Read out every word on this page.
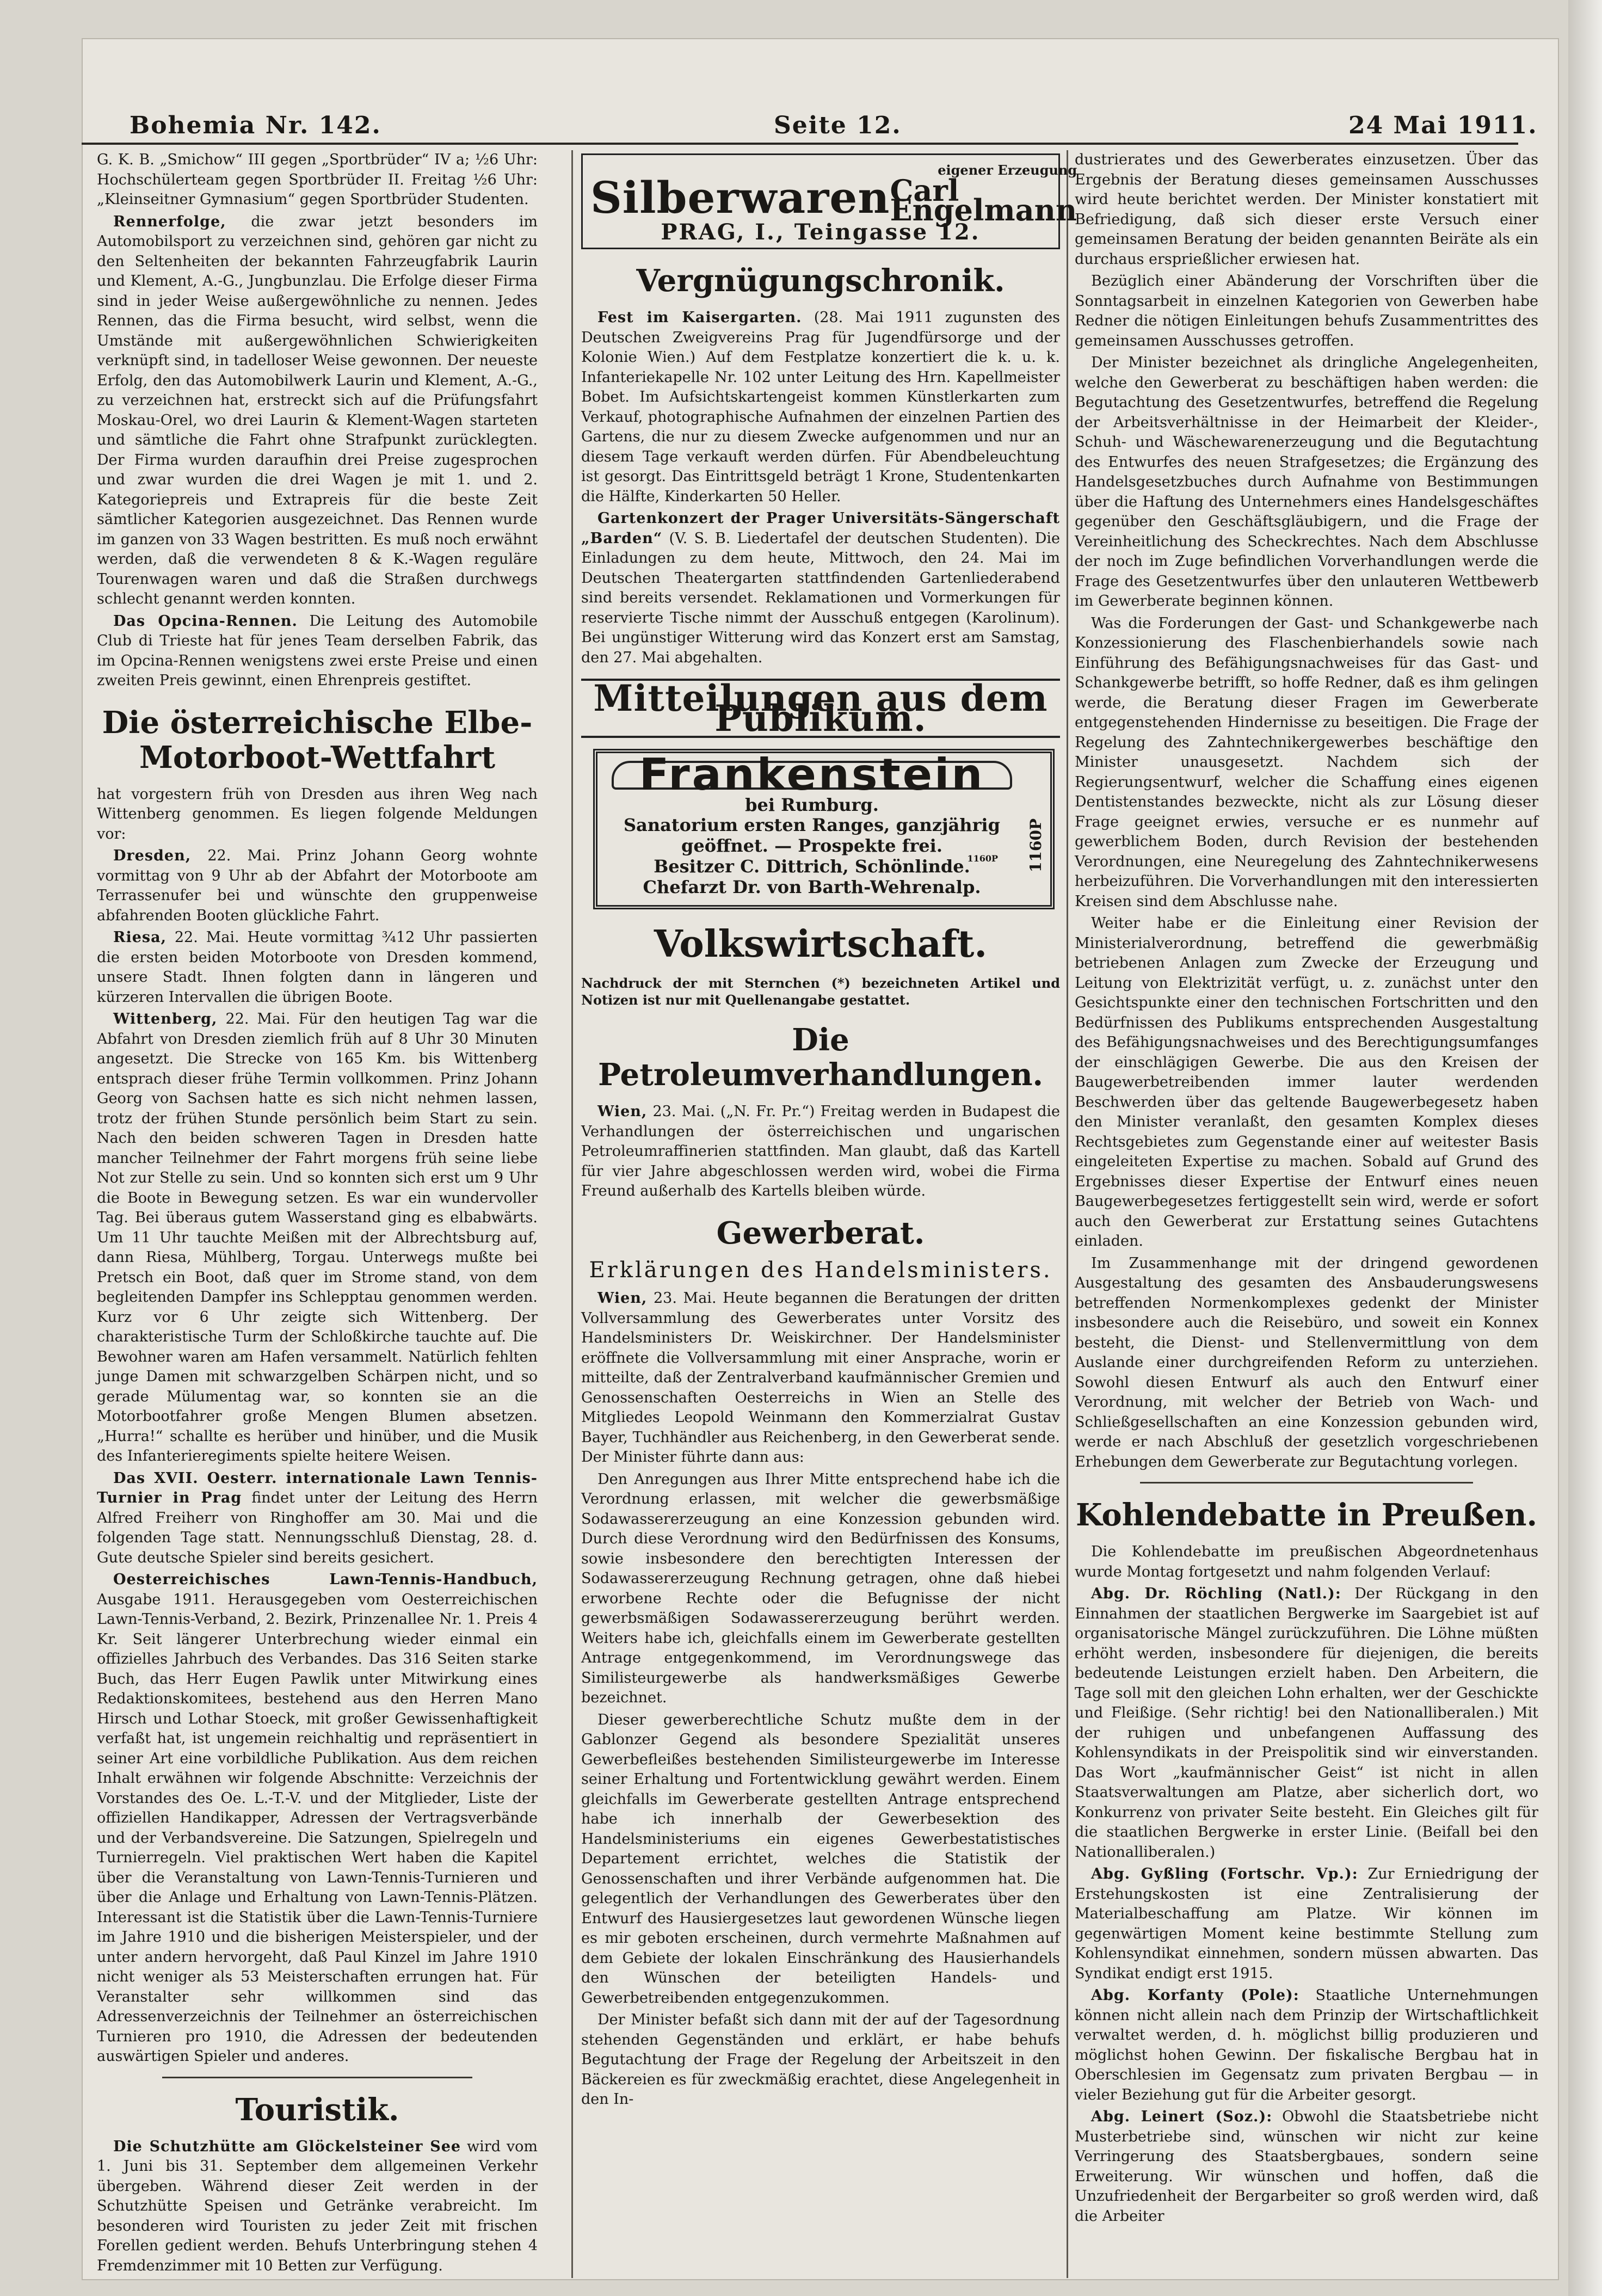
Bohemia Nr. 142.	Seite 12.	24 Mai 1911.

G. K. B. „Smichow“ III gegen „Sportbrüder“ IV a; ½6 Uhr: Hochschülerteam gegen Sportbrüder II. Freitag ½6 Uhr: „Kleinseitner Gymnasium“ gegen Sportbrüder Studenten.

Rennerfolge, die zwar jetzt besonders im Automobilsport zu verzeichnen sind, gehören gar nicht zu den Seltenheiten der bekannten Fahrzeugfabrik Laurin und Klement, A.-G., Jungbunzlau. Die Erfolge dieser Firma sind in jeder Weise außergewöhnliche zu nennen. Jedes Rennen, das die Firma besucht, wird selbst, wenn die Umstände mit außergewöhnlichen Schwierigkeiten verknüpft sind, in tadelloser Weise gewonnen. Der neueste Erfolg, den das Automobilwerk Laurin und Klement, A.-G., zu verzeichnen hat, erstreckt sich auf die Prüfungsfahrt Moskau-Orel, wo drei Laurin & Klement-Wagen starteten und sämtliche die Fahrt ohne Strafpunkt zurücklegten. Der Firma wurden daraufhin drei Preise zugesprochen und zwar wurden die drei Wagen je mit 1. und 2. Kategoriepreis und Extrapreis für die beste Zeit sämtlicher Kategorien ausgezeichnet. Das Rennen wurde im ganzen von 33 Wagen bestritten. Es muß noch erwähnt werden, daß die verwendeten 8 & K.-Wagen reguläre Tourenwagen waren und daß die Straßen durchwegs schlecht genannt werden konnten.

Das Opcina-Rennen. Die Leitung des Automobile Club di Trieste hat für jenes Team derselben Fabrik, das im Opcina-Rennen wenigstens zwei erste Preise und einen zweiten Preis gewinnt, einen Ehrenpreis gestiftet.

Die österreichische Elbe-Motorboot-Wettfahrt

hat vorgestern früh von Dresden aus ihren Weg nach Wittenberg genommen. Es liegen folgende Meldungen vor:

Dresden, 22. Mai. Prinz Johann Georg wohnte vormittag von 9 Uhr ab der Abfahrt der Motorboote am Terrassenufer bei und wünschte den gruppenweise abfahrenden Booten glückliche Fahrt.

Riesa, 22. Mai. Heute vormittag ¾12 Uhr passierten die ersten beiden Motorboote von Dresden kommend, unsere Stadt. Ihnen folgten dann in längeren und kürzeren Intervallen die übrigen Boote.

Wittenberg, 22. Mai. Für den heutigen Tag war die Abfahrt von Dresden ziemlich früh auf 8 Uhr 30 Minuten angesetzt. Die Strecke von 165 Km. bis Wittenberg entsprach dieser frühe Termin vollkommen. Prinz Johann Georg von Sachsen hatte es sich nicht nehmen lassen, trotz der frühen Stunde persönlich beim Start zu sein. Nach den beiden schweren Tagen in Dresden hatte mancher Teilnehmer der Fahrt morgens früh seine liebe Not zur Stelle zu sein. Und so konnten sich erst um 9 Uhr die Boote in Bewegung setzen. Es war ein wundervoller Tag. Bei überaus gutem Wasserstand ging es elbabwärts. Um 11 Uhr tauchte Meißen mit der Albrechtsburg auf, dann Riesa, Mühlberg, Torgau. Unterwegs mußte bei Pretsch ein Boot, daß quer im Strome stand, von dem begleitenden Dampfer ins Schlepptau genommen werden. Kurz vor 6 Uhr zeigte sich Wittenberg. Der charakteristische Turm der Schloßkirche tauchte auf. Die Bewohner waren am Hafen versammelt. Natürlich fehlten junge Damen mit schwarzgelben Schärpen nicht, und so gerade Mülumentag war, so konnten sie an die Motorbootfahrer große Mengen Blumen absetzen. „Hurra!“ schallte es herüber und hinüber, und die Musik des Infanterieregiments spielte heitere Weisen.

Das XVII. Oesterr. internationale Lawn Tennis-Turnier in Prag findet unter der Leitung des Herrn Alfred Freiherr von Ringhoffer am 30. Mai und die folgenden Tage statt. Nennungsschluß Dienstag, 28. d. Gute deutsche Spieler sind bereits gesichert.

Oesterreichisches Lawn-Tennis-Handbuch, Ausgabe 1911. Herausgegeben vom Oesterreichischen Lawn-Tennis-Verband, 2. Bezirk, Prinzenallee Nr. 1. Preis 4 Kr. Seit längerer Unterbrechung wieder einmal ein offizielles Jahrbuch des Verbandes. Das 316 Seiten starke Buch, das Herr Eugen Pawlik unter Mitwirkung eines Redaktionskomitees, bestehend aus den Herren Mano Hirsch und Lothar Stoeck, mit großer Gewissenhaftigkeit verfaßt hat, ist ungemein reichhaltig und repräsentiert in seiner Art eine vorbildliche Publikation. Aus dem reichen Inhalt erwähnen wir folgende Abschnitte: Verzeichnis der Vorstandes des Oe. L.-T.-V. und der Mitglieder, Liste der offiziellen Handikapper, Adressen der Vertragsverbände und der Verbandsvereine. Die Satzungen, Spielregeln und Turnierregeln. Viel praktischen Wert haben die Kapitel über die Veranstaltung von Lawn-Tennis-Turnieren und über die Anlage und Erhaltung von Lawn-Tennis-Plätzen. Interessant ist die Statistik über die Lawn-Tennis-Turniere im Jahre 1910 und die bisherigen Meisterspieler, und der unter andern hervorgeht, daß Paul Kinzel im Jahre 1910 nicht weniger als 53 Meisterschaften errungen hat. Für Veranstalter sehr willkommen sind das Adressenverzeichnis der Teilnehmer an österreichischen Turnieren pro 1910, die Adressen der bedeutenden auswärtigen Spieler und anderes.

Touristik.

Die Schutzhütte am Glöckelsteiner See wird vom 1. Juni bis 31. September dem allgemeinen Verkehr übergeben. Während dieser Zeit werden in der Schutzhütte Speisen und Getränke verabreicht. Im besonderen wird Touristen zu jeder Zeit mit frischen Forellen gedient werden. Behufs Unterbringung stehen 4 Fremdenzimmer mit 10 Betten zur Verfügung.

Silberwaren
eigener Erzeugung
Carl Engelmann
PRAG, I., Teingasse 12.
Vergnügungschronik.

Fest im Kaisergarten. (28. Mai 1911 zugunsten des Deutschen Zweigvereins Prag für Jugendfürsorge und der Kolonie Wien.) Auf dem Festplatze konzertiert die k. u. k. Infanteriekapelle Nr. 102 unter Leitung des Hrn. Kapellmeister Bobet. Im Aufsichtskartengeist kommen Künstlerkarten zum Verkauf, photographische Aufnahmen der einzelnen Partien des Gartens, die nur zu diesem Zwecke aufgenommen und nur an diesem Tage verkauft werden dürfen. Für Abendbeleuchtung ist gesorgt. Das Eintrittsgeld beträgt 1 Krone, Studentenkarten die Hälfte, Kinderkarten 50 Heller.

Gartenkonzert der Prager Universitäts-Sängerschaft „Barden“ (V. S. B. Liedertafel der deutschen Studenten). Die Einladungen zu dem heute, Mittwoch, den 24. Mai im Deutschen Theatergarten stattfindenden Gartenliederabend sind bereits versendet. Reklamationen und Vormerkungen für reservierte Tische nimmt der Ausschuß entgegen (Karolinum). Bei ungünstiger Witterung wird das Konzert erst am Samstag, den 27. Mai abgehalten.

Mitteilungen aus dem Publikum.
Frankenstein
bei Rumburg.
Sanatorium ersten Ranges, ganzjährig
geöffnet. — Prospekte frei.
Besitzer C. Dittrich, Schönlinde.
Chefarzt Dr. von Barth-Wehrenalp.
1160P
1160P
Volkswirtschaft.

Nachdruck der mit Sternchen (*) bezeichneten Artikel und Notizen ist nur mit Quellenangabe gestattet.

Die Petroleumverhandlungen.

Wien, 23. Mai. („N. Fr. Pr.“) Freitag werden in Budapest die Verhandlungen der österreichischen und ungarischen Petroleumraffinerien stattfinden. Man glaubt, daß das Kartell für vier Jahre abgeschlossen werden wird, wobei die Firma Freund außerhalb des Kartells bleiben würde.

Gewerberat.
Erklärungen des Handelsministers.

Wien, 23. Mai. Heute begannen die Beratungen der dritten Vollversammlung des Gewerberates unter Vorsitz des Handelsministers Dr. Weiskirchner. Der Handelsminister eröffnete die Vollversammlung mit einer Ansprache, worin er mitteilte, daß der Zentralverband kaufmännischer Gremien und Genossenschaften Oesterreichs in Wien an Stelle des Mitgliedes Leopold Weinmann den Kommerzialrat Gustav Bayer, Tuchhändler aus Reichenberg, in den Gewerberat sende. Der Minister führte dann aus:

Den Anregungen aus Ihrer Mitte entsprechend habe ich die Verordnung erlassen, mit welcher die gewerbsmäßige Sodawassererzeugung an eine Konzession gebunden wird. Durch diese Verordnung wird den Bedürfnissen des Konsums, sowie insbesondere den berechtigten Interessen der Sodawassererzeugung Rechnung getragen, ohne daß hiebei erworbene Rechte oder die Befugnisse der nicht gewerbsmäßigen Sodawassererzeugung berührt werden. Weiters habe ich, gleichfalls einem im Gewerberate gestellten Antrage entgegenkommend, im Verordnungswege das Similisteurgewerbe als handwerksmäßiges Gewerbe bezeichnet.

Dieser gewerberechtliche Schutz mußte dem in der Gablonzer Gegend als besondere Spezialität unseres Gewerbefleißes bestehenden Similisteurgewerbe im Interesse seiner Erhaltung und Fortentwicklung gewährt werden. Einem gleichfalls im Gewerberate gestellten Antrage entsprechend habe ich innerhalb der Gewerbesektion des Handelsministeriums ein eigenes Gewerbestatistisches Departement errichtet, welches die Statistik der Genossenschaften und ihrer Verbände aufgenommen hat. Die gelegentlich der Verhandlungen des Gewerberates über den Entwurf des Hausiergesetzes laut gewordenen Wünsche liegen es mir geboten erscheinen, durch vermehrte Maßnahmen auf dem Gebiete der lokalen Einschränkung des Hausierhandels den Wünschen der beteiligten Handels- und Gewerbetreibenden entgegenzukommen.

Der Minister befaßt sich dann mit der auf der Tagesordnung stehenden Gegenständen und erklärt, er habe behufs Begutachtung der Frage der Regelung der Arbeitszeit in den Bäckereien es für zweckmäßig erachtet, diese Angelegenheit in den In-

dustrierates und des Gewerberates einzusetzen. Über das Ergebnis der Beratung dieses gemeinsamen Ausschusses wird heute berichtet werden. Der Minister konstatiert mit Befriedigung, daß sich dieser erste Versuch einer gemeinsamen Beratung der beiden genannten Beiräte als ein durchaus ersprießlicher erwiesen hat.

Bezüglich einer Abänderung der Vorschriften über die Sonntagsarbeit in einzelnen Kategorien von Gewerben habe Redner die nötigen Einleitungen behufs Zusammentrittes des gemeinsamen Ausschusses getroffen.

Der Minister bezeichnet als dringliche Angelegenheiten, welche den Gewerberat zu beschäftigen haben werden: die Begutachtung des Gesetzentwurfes, betreffend die Regelung der Arbeitsverhältnisse in der Heimarbeit der Kleider-, Schuh- und Wäschewarenerzeugung und die Begutachtung des Entwurfes des neuen Strafgesetzes; die Ergänzung des Handelsgesetzbuches durch Aufnahme von Bestimmungen über die Haftung des Unternehmers eines Handelsgeschäftes gegenüber den Geschäftsgläubigern, und die Frage der Vereinheitlichung des Scheckrechtes. Nach dem Abschlusse der noch im Zuge befindlichen Vorverhandlungen werde die Frage des Gesetzentwurfes über den unlauteren Wettbewerb im Gewerberate beginnen können.

Was die Forderungen der Gast- und Schankgewerbe nach Konzessionierung des Flaschenbierhandels sowie nach Einführung des Befähigungsnachweises für das Gast- und Schankgewerbe betrifft, so hoffe Redner, daß es ihm gelingen werde, die Beratung dieser Fragen im Gewerberate entgegenstehenden Hindernisse zu beseitigen. Die Frage der Regelung des Zahntechnikergewerbes beschäftige den Minister unausgesetzt. Nachdem sich der Regierungsentwurf, welcher die Schaffung eines eigenen Dentistenstandes bezweckte, nicht als zur Lösung dieser Frage geeignet erwies, versuche er es nunmehr auf gewerblichem Boden, durch Revision der bestehenden Verordnungen, eine Neuregelung des Zahntechnikerwesens herbeizuführen. Die Vorverhandlungen mit den interessierten Kreisen sind dem Abschlusse nahe.

Weiter habe er die Einleitung einer Revision der Ministerialverordnung, betreffend die gewerbmäßig betriebenen Anlagen zum Zwecke der Erzeugung und Leitung von Elektrizität verfügt, u. z. zunächst unter den Gesichtspunkte einer den technischen Fortschritten und den Bedürfnissen des Publikums entsprechenden Ausgestaltung des Befähigungsnachweises und des Berechtigungsumfanges der einschlägigen Gewerbe. Die aus den Kreisen der Baugewerbetreibenden immer lauter werdenden Beschwerden über das geltende Baugewerbegesetz haben den Minister veranlaßt, den gesamten Komplex dieses Rechtsgebietes zum Gegenstande einer auf weitester Basis eingeleiteten Expertise zu machen. Sobald auf Grund des Ergebnisses dieser Expertise der Entwurf eines neuen Baugewerbegesetzes fertiggestellt sein wird, werde er sofort auch den Gewerberat zur Erstattung seines Gutachtens einladen.

Im Zusammenhange mit der dringend gewordenen Ausgestaltung des gesamten des Ansbauderungswesens betreffenden Normenkomplexes gedenkt der Minister insbesondere auch die Reisebüro, und soweit ein Konnex besteht, die Dienst- und Stellenvermittlung von dem Auslande einer durchgreifenden Reform zu unterziehen. Sowohl diesen Entwurf als auch den Entwurf einer Verordnung, mit welcher der Betrieb von Wach- und Schließgesellschaften an eine Konzession gebunden wird, werde er nach Abschluß der gesetzlich vorgeschriebenen Erhebungen dem Gewerberate zur Begutachtung vorlegen.

Kohlendebatte in Preußen.

Die Kohlendebatte im preußischen Abgeordnetenhaus wurde Montag fortgesetzt und nahm folgenden Verlauf:

Abg. Dr. Röchling (Natl.): Der Rückgang in den Einnahmen der staatlichen Bergwerke im Saargebiet ist auf organisatorische Mängel zurückzuführen. Die Löhne müßten erhöht werden, insbesondere für diejenigen, die bereits bedeutende Leistungen erzielt haben. Den Arbeitern, die Tage soll mit den gleichen Lohn erhalten, wer der Geschickte und Fleißige. (Sehr richtig! bei den Nationalliberalen.) Mit der ruhigen und unbefangenen Auffassung des Kohlensyndikats in der Preispolitik sind wir einverstanden. Das Wort „kaufmännischer Geist“ ist nicht in allen Staatsverwaltungen am Platze, aber sicherlich dort, wo Konkurrenz von privater Seite besteht. Ein Gleiches gilt für die staatlichen Bergwerke in erster Linie. (Beifall bei den Nationalliberalen.)

Abg. Gyßling (Fortschr. Vp.): Zur Erniedrigung der Erstehungskosten ist eine Zentralisierung der Materialbeschaffung am Platze. Wir können im gegenwärtigen Moment keine bestimmte Stellung zum Kohlensyndikat einnehmen, sondern müssen abwarten. Das Syndikat endigt erst 1915.

Abg. Korfanty (Pole): Staatliche Unternehmungen können nicht allein nach dem Prinzip der Wirtschaftlichkeit verwaltet werden, d. h. möglichst billig produzieren und möglichst hohen Gewinn. Der fiskalische Bergbau hat in Oberschlesien im Gegensatz zum privaten Bergbau — in vieler Beziehung gut für die Arbeiter gesorgt.

Abg. Leinert (Soz.): Obwohl die Staatsbetriebe nicht Musterbetriebe sind, wünschen wir nicht zur keine Verringerung des Staatsbergbaues, sondern seine Erweiterung. Wir wünschen und hoffen, daß die Unzufriedenheit der Bergarbeiter so groß werden wird, daß die Arbeiter
